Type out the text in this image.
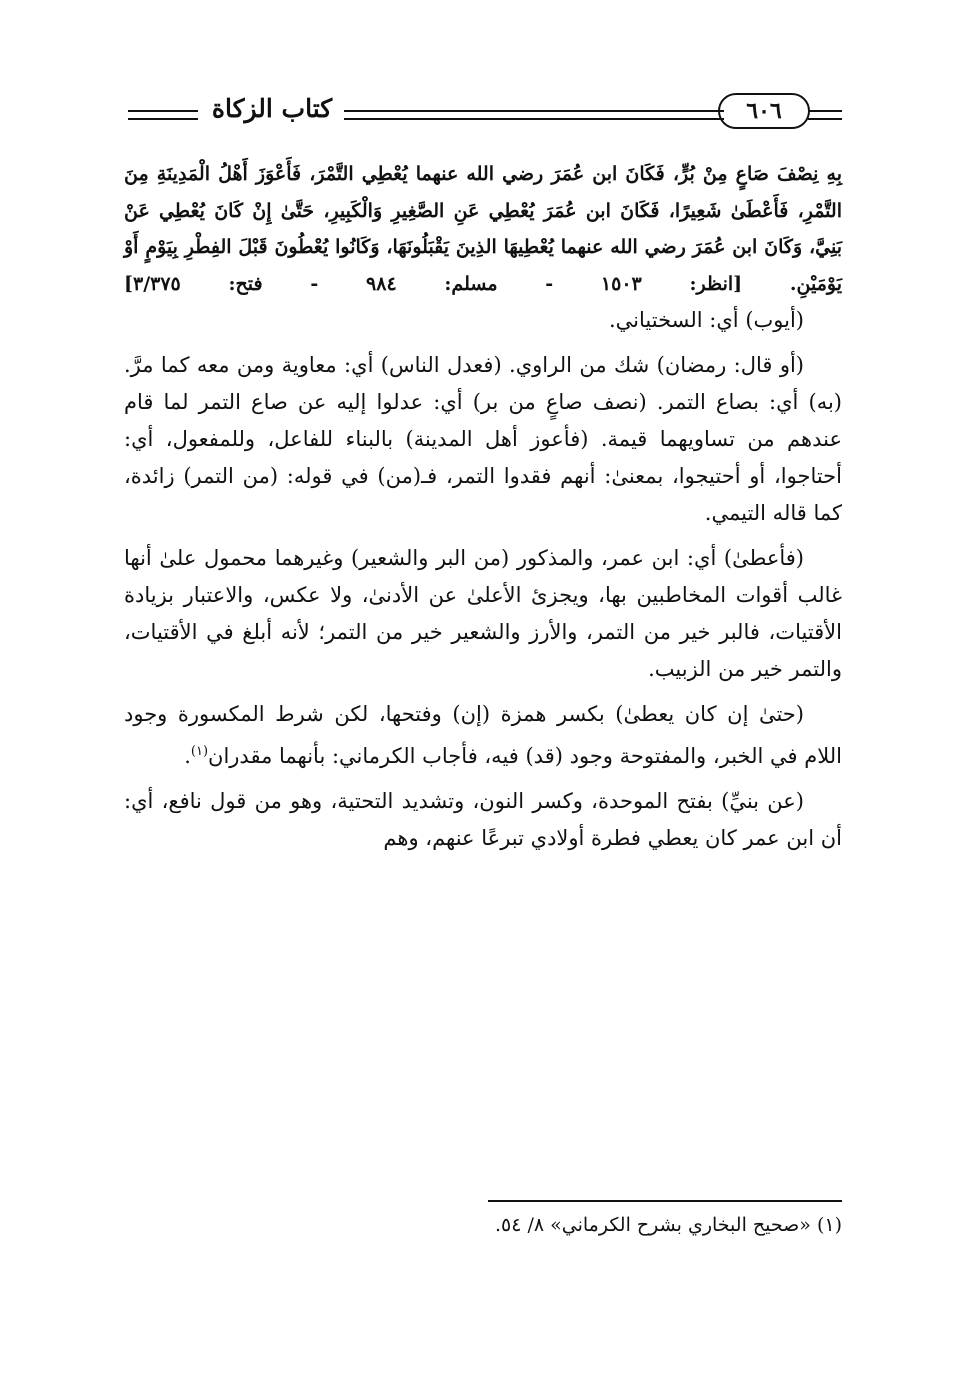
كتاب الزكاة	٦٠٦

بِهِ نِصْفَ صَاعٍ مِنْ بُرٍّ، فَكَانَ ابن عُمَرَ رضي الله عنهما يُعْطِي التَّمْرَ، فَأَعْوَزَ أَهْلُ الْمَدِينَةِ مِنَ التَّمْرِ، فَأَعْطَىٰ شَعِيرًا، فَكَانَ ابن عُمَرَ يُعْطِي عَنِ الصَّغِيرِ وَالْكَبِيرِ، حَتَّىٰ إِنْ كَانَ يُعْطِي عَنْ بَنِيَّ، وَكَانَ ابن عُمَرَ رضي الله عنهما يُعْطِيهَا الذِينَ يَقْبَلُونَهَا، وَكَانُوا يُعْطُونَ قَبْلَ الفِطْرِ بِيَوْمٍ أَوْ يَوْمَيْنِ. [انظر: ١٥٠٣ - مسلم: ٩٨٤ - فتح: ٣/٣٧٥]

(أيوب) أي: السختياني.

(أو قال: رمضان) شك من الراوي. (فعدل الناس) أي: معاوية ومن معه كما مرَّ. (به) أي: بصاع التمر. (نصف صاعٍ من بر) أي: عدلوا إليه عن صاع التمر لما قام عندهم من تساويهما قيمة. (فأعوز أهل المدينة) بالبناء للفاعل، وللمفعول، أي: أحتاجوا، أو أحتيجوا، بمعنىٰ: أنهم فقدوا التمر، فـ(من) في قوله: (من التمر) زائدة، كما قاله التيمي.

(فأعطىٰ) أي: ابن عمر، والمذكور (من البر والشعير) وغيرهما محمول علىٰ أنها غالب أقوات المخاطبين بها، ويجزئ الأعلىٰ عن الأدنىٰ، ولا عكس، والاعتبار بزيادة الأقتيات، فالبر خير من التمر، والأرز والشعير خير من التمر؛ لأنه أبلغ في الأقتيات، والتمر خير من الزبيب.

(حتىٰ إن كان يعطىٰ) بكسر همزة (إن) وفتحها، لكن شرط المكسورة وجود اللام في الخبر، والمفتوحة وجود (قد) فيه، فأجاب الكرماني: بأنهما مقدران$^{(١)}$.

(عن بنيِّ) بفتح الموحدة، وكسر النون، وتشديد التحتية، وهو من قول نافع، أي: أن ابن عمر كان يعطي فطرة أولادي تبرعًا عنهم، وهم

(١) «صحيح البخاري بشرح الكرماني» ٨/ ٥٤.
